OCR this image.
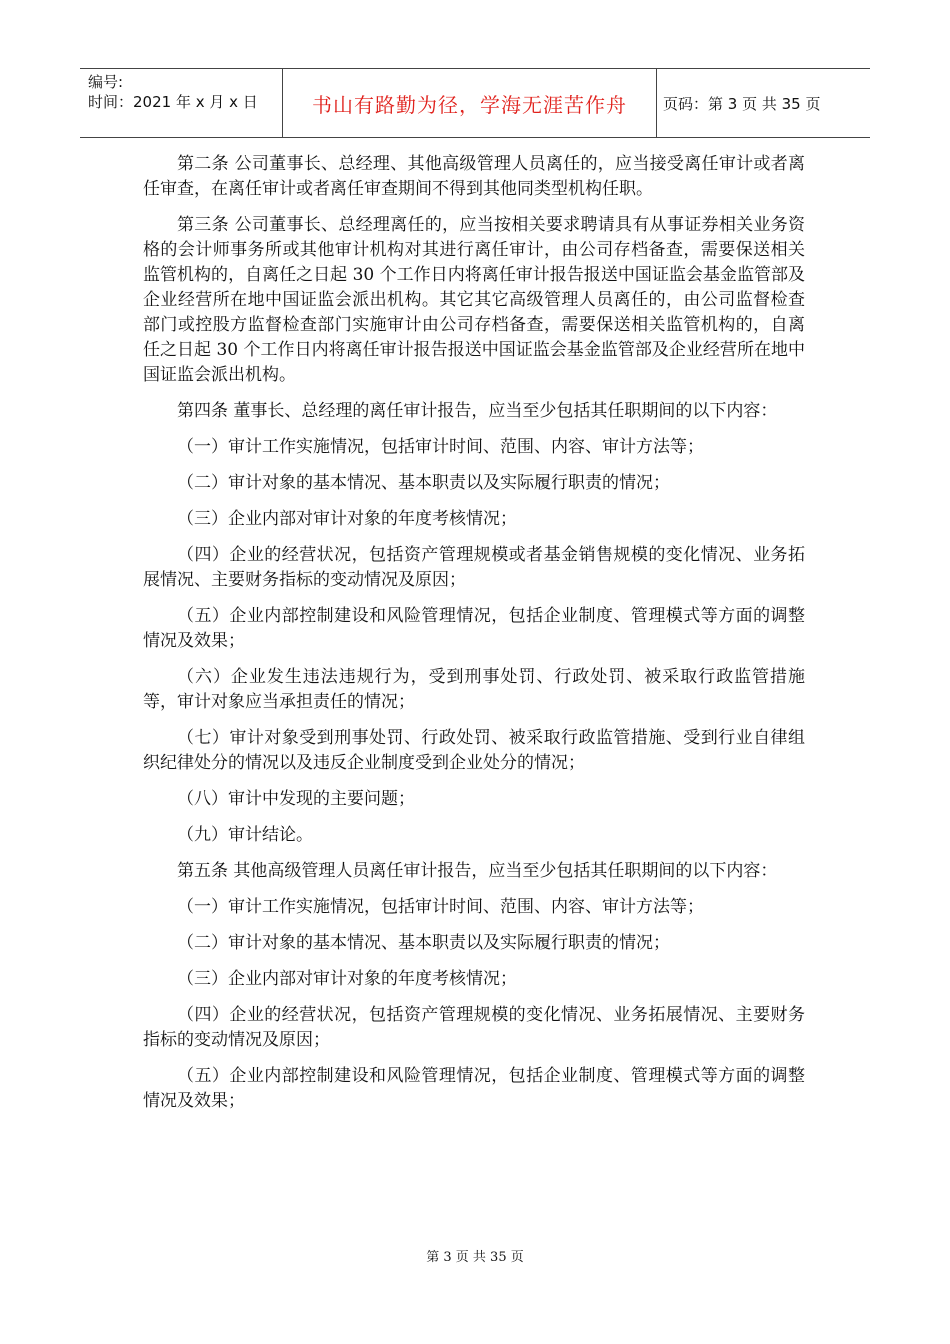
编号:
时间：2021 年 x 月 x 日	书山有路勤为径，学海无涯苦作舟	页码：第 3 页 共 35 页

第二条 公司董事长、总经理、其他高级管理人员离任的，应当接受离任审计或者离任审查，在离任审计或者离任审查期间不得到其他同类型机构任职。

第三条 公司董事长、总经理离任的，应当按相关要求聘请具有从事证券相关业务资格的会计师事务所或其他审计机构对其进行离任审计，由公司存档备查，需要保送相关监管机构的，自离任之日起 30 个工作日内将离任审计报告报送中国证监会基金监管部及企业经营所在地中国证监会派出机构。其它其它高级管理人员离任的，由公司监督检查部门或控股方监督检查部门实施审计由公司存档备查，需要保送相关监管机构的，自离任之日起 30 个工作日内将离任审计报告报送中国证监会基金监管部及企业经营所在地中国证监会派出机构。

第四条 董事长、总经理的离任审计报告，应当至少包括其任职期间的以下内容：

（一）审计工作实施情况，包括审计时间、范围、内容、审计方法等；

（二）审计对象的基本情况、基本职责以及实际履行职责的情况；

（三）企业内部对审计对象的年度考核情况；

（四）企业的经营状况，包括资产管理规模或者基金销售规模的变化情况、业务拓展情况、主要财务指标的变动情况及原因；

（五）企业内部控制建设和风险管理情况，包括企业制度、管理模式等方面的调整情况及效果；

（六）企业发生违法违规行为，受到刑事处罚、行政处罚、被采取行政监管措施等，审计对象应当承担责任的情况；

（七）审计对象受到刑事处罚、行政处罚、被采取行政监管措施、受到行业自律组织纪律处分的情况以及违反企业制度受到企业处分的情况；

（八）审计中发现的主要问题；

（九）审计结论。

第五条 其他高级管理人员离任审计报告，应当至少包括其任职期间的以下内容：

（一）审计工作实施情况，包括审计时间、范围、内容、审计方法等；

（二）审计对象的基本情况、基本职责以及实际履行职责的情况；

（三）企业内部对审计对象的年度考核情况；

（四）企业的经营状况，包括资产管理规模的变化情况、业务拓展情况、主要财务指标的变动情况及原因；

（五）企业内部控制建设和风险管理情况，包括企业制度、管理模式等方面的调整情况及效果；

第 3 页 共 35 页
